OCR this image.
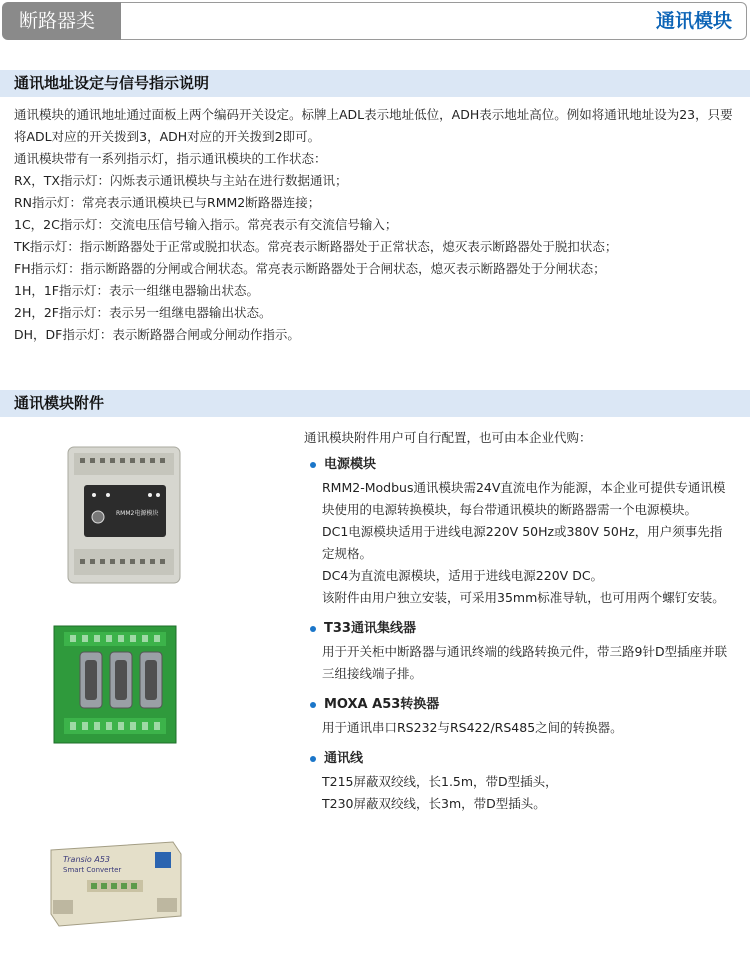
断路器类	通讯模块
通讯地址设定与信号指示说明

通讯模块的通讯地址通过面板上两个编码开关设定。标牌上ADL表示地址低位，ADH表示地址高位。例如将通讯地址设为23，只要将ADL对应的开关拨到3，ADH对应的开关拨到2即可。

通讯模块带有一系列指示灯，指示通讯模块的工作状态：

RX，TX指示灯：闪烁表示通讯模块与主站在进行数据通讯；

RN指示灯：常亮表示通讯模块已与RMM2断路器连接；

1C，2C指示灯：交流电压信号输入指示。常亮表示有交流信号输入；

TK指示灯：指示断路器处于正常或脱扣状态。常亮表示断路器处于正常状态，熄灭表示断路器处于脱扣状态；

FH指示灯：指示断路器的分闸或合闸状态。常亮表示断路器处于合闸状态，熄灭表示断路器处于分闸状态；

1H，1F指示灯：表示一组继电器输出状态。

2H，2F指示灯：表示另一组继电器输出状态。

DH，DF指示灯：表示断路器合闸或分闸动作指示。

通讯模块附件
RMM2电源模块
Transio A53
Smart Converter

通讯模块附件用户可自行配置，也可由本企业代购：

电源模块

RMM2-Modbus通讯模块需24V直流电作为能源，本企业可提供专通讯模块使用的电源转换模块，每台带通讯模块的断路器需一个电源模块。

DC1电源模块适用于进线电源220V 50Hz或380V 50Hz，用户须事先指定规格。

DC4为直流电源模块，适用于进线电源220V DC。

该附件由用户独立安装，可采用35mm标准导轨，也可用两个螺钉安装。

T33通讯集线器

用于开关柜中断路器与通讯终端的线路转换元件，带三路9针D型插座并联三组接线端子排。

MOXA A53转换器

用于通讯串口RS232与RS422/RS485之间的转换器。

通讯线

T215屏蔽双绞线，长1.5m，带D型插头，

T230屏蔽双绞线，长3m，带D型插头。
